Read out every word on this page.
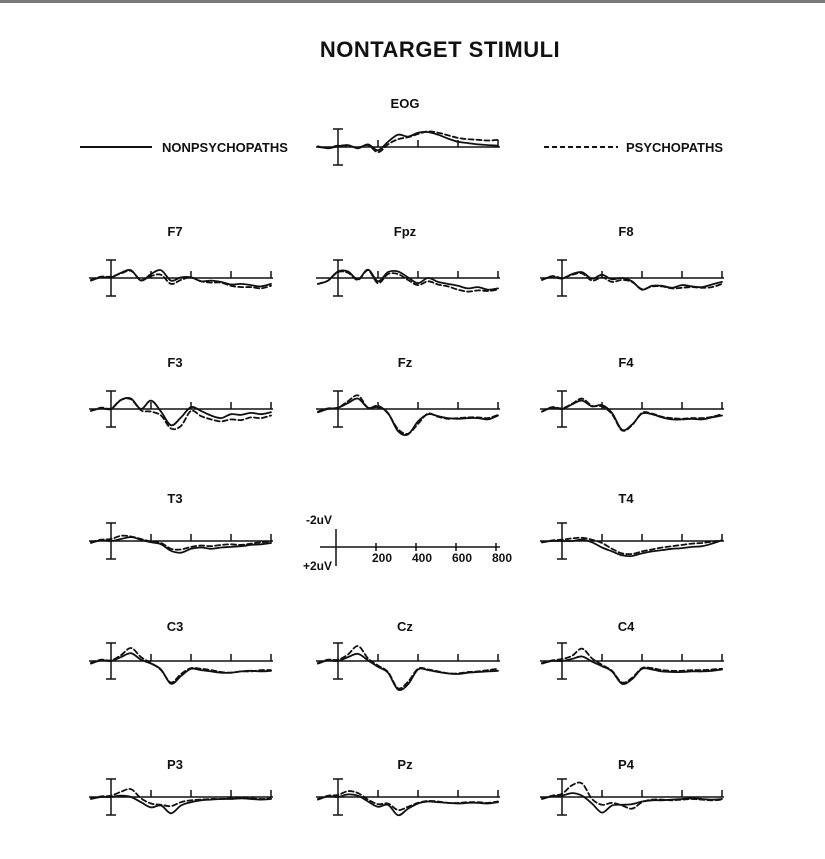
NONTARGET STIMULI
NONPSYCHOPATHS	PSYCHOPATHS
-2uV
+2uV
200 400 600 800
EOG
F7	Fpz	F8
F3	Fz	F4
T3	T4
C3	Cz	C4
P3	Pz	P4
